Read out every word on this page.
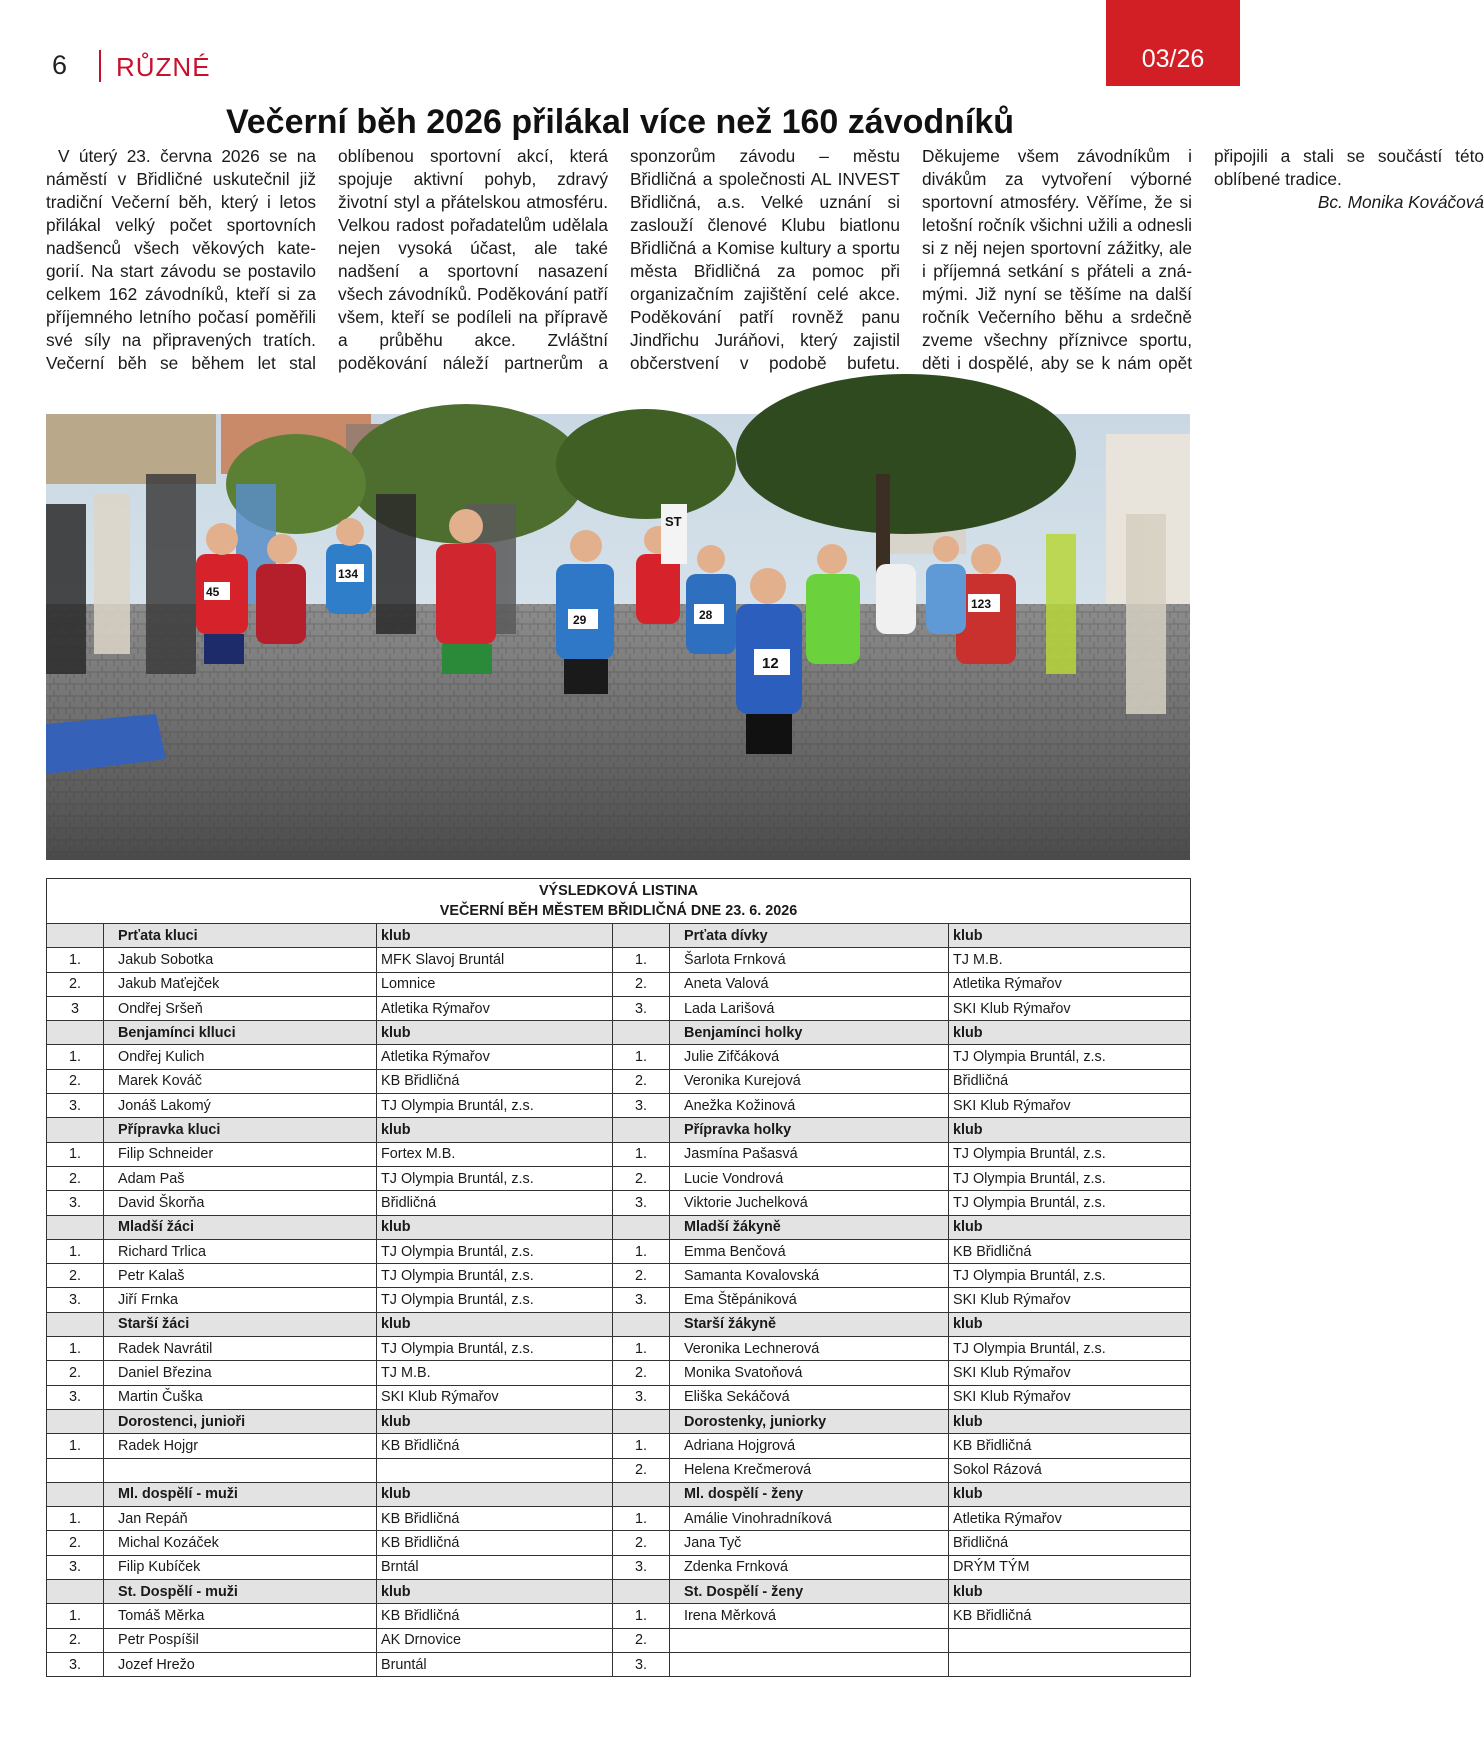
6 RŮZNÉ	03/26
Večerní běh 2026 přilákal více než 160 závodníků

V úterý 23. června 2026 se na náměstí v Břidličné uskutečnil již tradiční Večerní běh, který i letos přilákal velký počet sportovních nadšenců všech věkových kategorií. Na start závodu se postavilo celkem 162 závodníků, kteří si za příjemného letního počasí poměřili své síly na připravených tratích. Večerní běh se během let stal oblíbenou sportovní akcí, která spojuje aktivní pohyb, zdravý životní styl a přátelskou atmosféru. Velkou radost pořadatelům udělala nejen vysoká účast, ale také nadšení a sportovní nasazení všech závodníků. Poděkování patří všem, kteří se podíleli na přípravě a průběhu akce. Zvláštní poděkování náleží partnerům a sponzorům závodu – městu Břidličná a společnosti AL INVEST Břidličná, a.s. Velké uznání si zaslouží členové Klubu biatlonu Břidličná a Komise kultury a sportu města Břidličná za pomoc při organizačním zajištění celé akce. Poděkování patří rovněž panu Jindřichu Juráňovi, který zajistil občerstvení v podobě bufetu. Děkujeme všem závodníkům i divákům za vytvoření výborné sportovní atmosféry. Věříme, že si letošní ročník všichni užili a odnesli si z něj nejen sportovní zážitky, ale i příjemná setkání s přáteli a známými. Již nyní se těšíme na další ročník Večerního běhu a srdečně zveme všechny příznivce sportu, děti i dospělé, aby se k nám opět připojili a stali se součástí této oblíbené tradice.

Bc. Monika Kováčová

45
134
29	28
12
123
ST
VÝSLEDKOVÁ LISTINA
VEČERNÍ BĚH MĚSTEM BŘIDLIČNÁ DNE 23. 6. 2026					

	Prťata kluci	klub		Prťata dívky	klub
1.	Jakub Sobotka	MFK Slavoj Bruntál	1.	Šarlota Frnková	TJ M.B.
2.	Jakub Maťejček	Lomnice	2.	Aneta Valová	Atletika Rýmařov
3	Ondřej Sršeň	Atletika Rýmařov	3.	Lada Larišová	SKI Klub Rýmařov
	Benjamínci klluci	klub		Benjamínci holky	klub
1.	Ondřej Kulich	Atletika Rýmařov	1.	Julie Zifčáková	TJ Olympia Bruntál, z.s.
2.	Marek Kováč	KB Břidličná	2.	Veronika Kurejová	Břidličná
3.	Jonáš Lakomý	TJ Olympia Bruntál, z.s.	3.	Anežka Kožinová	SKI Klub Rýmařov
	Přípravka kluci	klub		Přípravka holky	klub
1.	Filip Schneider	Fortex M.B.	1.	Jasmína Pašasvá	TJ Olympia Bruntál, z.s.
2.	Adam Paš	TJ Olympia Bruntál, z.s.	2.	Lucie Vondrová	TJ Olympia Bruntál, z.s.
3.	David Škorňa	Břidličná	3.	Viktorie Juchelková	TJ Olympia Bruntál, z.s.
	Mladší žáci	klub		Mladší žákyně	klub
1.	Richard Trlica	TJ Olympia Bruntál, z.s.	1.	Emma Benčová	KB Břidličná
2.	Petr Kalaš	TJ Olympia Bruntál, z.s.	2.	Samanta Kovalovská	TJ Olympia Bruntál, z.s.
3.	Jiří Frnka	TJ Olympia Bruntál, z.s.	3.	Ema Štěpániková	SKI Klub Rýmařov
	Starší žáci	klub		Starší žákyně	klub
1.	Radek Navrátil	TJ Olympia Bruntál, z.s.	1.	Veronika Lechnerová	TJ Olympia Bruntál, z.s.
2.	Daniel Březina	TJ M.B.	2.	Monika Svatoňová	SKI Klub Rýmařov
3.	Martin Čuška	SKI Klub Rýmařov	3.	Eliška Sekáčová	SKI Klub Rýmařov
	Dorostenci, junioři	klub		Dorostenky, juniorky	klub
1.	Radek Hojgr	KB Břidličná	1.	Adriana Hojgrová	KB Břidličná
			2.	Helena Krečmerová	Sokol Rázová
	Ml. dospělí - muži	klub		Ml. dospělí - ženy	klub
1.	Jan Repáň	KB Břidličná	1.	Amálie Vinohradníková	Atletika Rýmařov
2.	Michal Kozáček	KB Břidličná	2.	Jana Tyč	Břidličná
3.	Filip Kubíček	Brntál	3.	Zdenka Frnková	DRÝM TÝM
	St. Dospělí - muži	klub		St. Dospělí - ženy	klub
1.	Tomáš Měrka	KB Břidličná	1.	Irena Měrková	KB Břidličná
2.	Petr Pospíšil	AK Drnovice	2.		
3.	Jozef Hrežo	Bruntál	3.		
